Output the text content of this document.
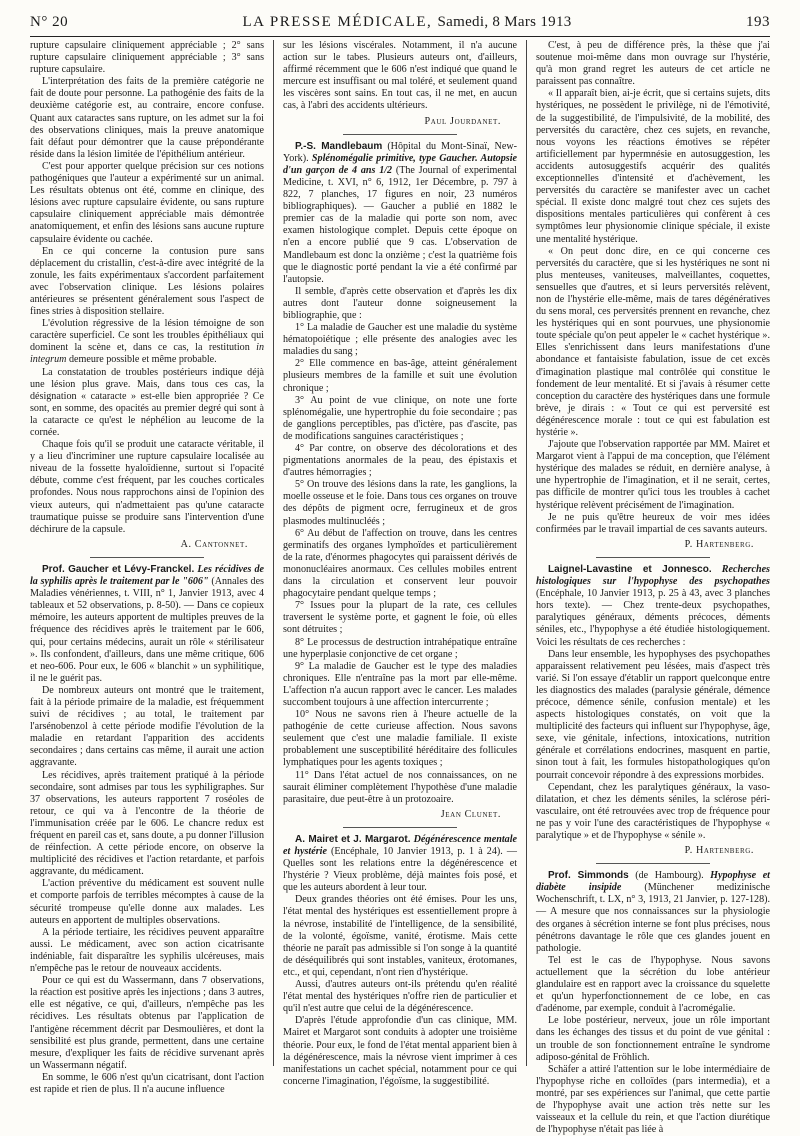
N° 20	LA PRESSE MÉDICALE, Samedi, 8 Mars 1913	193

rupture capsulaire cliniquement appréciable ; 2° sans rupture capsulaire cliniquement appréciable ; 3° sans rupture capsulaire.

L'interprétation des faits de la première catégorie ne fait de doute pour personne. La pathogénie des faits de la deuxième catégorie est, au contraire, encore confuse. Quant aux cataractes sans rupture, on les admet sur la foi des observations cliniques, mais la preuve anatomique fait défaut pour démontrer que la cause prépondérante réside dans la lésion limitée de l'épithélium antérieur.

C'est pour apporter quelque précision sur ces notions pathogéniques que l'auteur a expérimenté sur un animal. Les résultats obtenus ont été, comme en clinique, des lésions avec rupture capsulaire évidente, ou sans rupture capsulaire cliniquement appréciable mais démontrée anatomiquement, et enfin des lésions sans aucune rupture capsulaire évidente ou cachée.

En ce qui concerne la contusion pure sans déplacement du cristallin, c'est-à-dire avec intégrité de la zonule, les faits expérimentaux s'accordent parfaitement avec l'observation clinique. Les lésions polaires antérieures se présentent généralement sous l'aspect de fines stries à disposition stellaire.

L'évolution régressive de la lésion témoigne de son caractère superficiel. Ce sont les troubles épithéliaux qui dominent la scène et, dans ce cas, la restitution in integrum demeure possible et même probable.

La constatation de troubles postérieurs indique déjà une lésion plus grave. Mais, dans tous ces cas, la désignation « cataracte » est-elle bien appropriée ? Ce sont, en somme, des opacités au premier degré qui sont à la cataracte ce qu'est le néphélion au leucome de la cornée.

Chaque fois qu'il se produit une cataracte véritable, il y a lieu d'incriminer une rupture capsulaire localisée au niveau de la fossette hyaloïdienne, surtout si l'opacité débute, comme c'est fréquent, par les couches corticales profondes. Nous nous rapprochons ainsi de l'opinion des vieux auteurs, qui n'admettaient pas qu'une cataracte traumatique puisse se produire sans l'intervention d'une déchirure de la capsule.

A. Cantonnet.

Prof. Gaucher et Lévy-Franckel. Les récidives de la syphilis après le traitement par le "606" (Annales des Maladies vénériennes, t. VIII, n° 1, Janvier 1913, avec 4 tableaux et 52 observations, p. 8-50). — Dans ce copieux mémoire, les auteurs apportent de multiples preuves de la fréquence des récidives après le traitement par le 606, qui, pour certains médecins, aurait un rôle « stérilisateur ». Ils confondent, d'ailleurs, dans une même critique, 606 et neo-606. Pour eux, le 606 « blanchit » un syphilitique, il ne le guérit pas.

De nombreux auteurs ont montré que le traitement, fait à la période primaire de la maladie, est fréquemment suivi de récidives ; au total, le traitement par l'arsénobenzol à cette période modifie l'évolution de la maladie en retardant l'apparition des accidents secondaires ; dans certains cas même, il aurait une action aggravante.

Les récidives, après traitement pratiqué à la période secondaire, sont admises par tous les syphiligraphes. Sur 37 observations, les auteurs rapportent 7 roséoles de retour, ce qui va à l'encontre de la théorie de l'immunisation créée par le 606. Le chancre redux est fréquent en pareil cas et, sans doute, a pu donner l'illusion de réinfection. A cette période encore, on observe la multiplicité des récidives et l'action retardante, et parfois aggravante, du médicament.

L'action préventive du médicament est souvent nulle et comporte parfois de terribles mécomptes à cause de la sécurité trompeuse qu'elle donne aux malades. Les auteurs en apportent de multiples observations.

A la période tertiaire, les récidives peuvent apparaître aussi. Le médicament, avec son action cicatrisante indéniable, fait disparaître les syphilis ulcéreuses, mais n'empêche pas le retour de nouveaux accidents.

Pour ce qui est du Wassermann, dans 7 observations, la réaction est positive après les injections ; dans 3 autres, elle est négative, ce qui, d'ailleurs, n'empêche pas les récidives. Les résultats obtenus par l'application de l'antigène récemment décrit par Desmoulières, et dont la sensibilité est plus grande, permettent, dans une certaine mesure, d'expliquer les faits de récidive survenant après un Wassermann négatif.

En somme, le 606 n'est qu'un cicatrisant, dont l'action est rapide et rien de plus. Il n'a aucune influence

sur les lésions viscérales. Notamment, il n'a aucune action sur le tabes. Plusieurs auteurs ont, d'ailleurs, affirmé récemment que le 606 n'est indiqué que quand le mercure est insuffisant ou mal toléré, et seulement quand les viscères sont sains. En tout cas, il ne met, en aucun cas, à l'abri des accidents ultérieurs.

Paul Jourdanet.

P.-S. Mandlebaum (Hôpital du Mont-Sinaï, New-York). Splénomégalie primitive, type Gaucher. Autopsie d'un garçon de 4 ans 1/2 (The Journal of experimental Medicine, t. XVI, n° 6, 1912, 1er Décembre, p. 797 à 822, 7 planches, 17 figures en noir, 23 numéros bibliographiques). — Gaucher a publié en 1882 le premier cas de la maladie qui porte son nom, avec examen histologique complet. Depuis cette époque on n'en a encore publié que 9 cas. L'observation de Mandlebaum est donc la onzième ; c'est la quatrième fois que le diagnostic porté pendant la vie a été confirmé par l'autopsie.

Il semble, d'après cette observation et d'après les dix autres dont l'auteur donne soigneusement la bibliographie, que :

1° La maladie de Gaucher est une maladie du système hématopoiétique ; elle présente des analogies avec les maladies du sang ;

2° Elle commence en bas-âge, atteint généralement plusieurs membres de la famille et suit une évolution chronique ;

3° Au point de vue clinique, on note une forte splénomégalie, une hypertrophie du foie secondaire ; pas de ganglions perceptibles, pas d'ictère, pas d'ascite, pas de modifications sanguines caractéristiques ;

4° Par contre, on observe des décolorations et des pigmentations anormales de la peau, des épistaxis et d'autres hémorragies ;

5° On trouve des lésions dans la rate, les ganglions, la moelle osseuse et le foie. Dans tous ces organes on trouve des dépôts de pigment ocre, ferrugineux et de gros plasmodes multinucléés ;

6° Au début de l'affection on trouve, dans les centres germinatifs des organes lymphoïdes et particulièrement de la rate, d'énormes phagocytes qui paraissent dérivés de mononucléaires anormaux. Ces cellules mobiles entrent dans la circulation et conservent leur pouvoir phagocytaire pendant quelque temps ;

7° Issues pour la plupart de la rate, ces cellules traversent le système porte, et gagnent le foie, où elles sont détruites ;

8° Le processus de destruction intrahépatique entraîne une hyperplasie conjonctive de cet organe ;

9° La maladie de Gaucher est le type des maladies chroniques. Elle n'entraîne pas la mort par elle-même. L'affection n'a aucun rapport avec le cancer. Les malades succombent toujours à une affection intercurrente ;

10° Nous ne savons rien à l'heure actuelle de la pathogénie de cette curieuse affection. Nous savons seulement que c'est une maladie familiale. Il existe probablement une susceptibilité héréditaire des follicules lymphatiques pour les agents toxiques ;

11° Dans l'état actuel de nos connaissances, on ne saurait éliminer complètement l'hypothèse d'une maladie parasitaire, due peut-être à un protozoaire.

Jean Clunet.

A. Mairet et J. Margarot. Dégénérescence mentale et hystérie (Encéphale, 10 Janvier 1913, p. 1 à 24). — Quelles sont les relations entre la dégénérescence et l'hystérie ? Vieux problème, déjà maintes fois posé, et que les auteurs abordent à leur tour.

Deux grandes théories ont été émises. Pour les uns, l'état mental des hystériques est essentiellement propre à la névrose, instabilité de l'intelligence, de la sensibilité, de la volonté, égoïsme, vanité, érotisme. Mais cette théorie ne paraît pas admissible si l'on songe à la quantité de déséquilibrés qui sont instables, vaniteux, érotomanes, etc., et qui, cependant, n'ont rien d'hystérique.

Aussi, d'autres auteurs ont-ils prétendu qu'en réalité l'état mental des hystériques n'offre rien de particulier et qu'il n'est autre que celui de la dégénérescence.

D'après l'étude approfondie d'un cas clinique, MM. Mairet et Margarot sont conduits à adopter une troisième théorie. Pour eux, le fond de l'état mental apparient bien à la dégénérescence, mais la névrose vient imprimer à ces manifestations un cachet spécial, notamment pour ce qui concerne l'imagination, l'égoïsme, la suggestibilité.

C'est, à peu de différence près, la thèse que j'ai soutenue moi-même dans mon ouvrage sur l'hystérie, qu'à mon grand regret les auteurs de cet article ne paraissent pas connaître.

« Il apparaît bien, ai-je écrit, que si certains sujets, dits hystériques, ne possèdent le privilège, ni de l'émotivité, de la suggestibilité, de l'impulsivité, de la mobilité, des perversités du caractère, chez ces sujets, en revanche, nous voyons les réactions émotives se répéter artificiellement par hypermnésie en autosuggestion, les accidents autosuggestifs acquérir des qualités exceptionnelles d'intensité et d'achèvement, les perversités du caractère se manifester avec un cachet spécial. Il existe donc malgré tout chez ces sujets des dispositions mentales particulières qui confèrent à ces symptômes leur physionomie clinique spéciale, il existe une mentalité hystérique.

« On peut donc dire, en ce qui concerne ces perversités du caractère, que si les hystériques ne sont ni plus menteuses, vaniteuses, malveillantes, coquettes, sensuelles que d'autres, et si leurs perversités relèvent, non de l'hystérie elle-même, mais de tares dégénératives du sens moral, ces perversités prennent en revanche, chez les hystériques qui en sont pourvues, une physionomie toute spéciale qu'on peut appeler le « cachet hystérique ». Elles s'enrichissent dans leurs manifestations d'une abondance et fantaisiste fabulation, issue de cet excès d'imagination plastique mal contrôlée qui constitue le fondement de leur mentalité. Et si j'avais à résumer cette conception du caractère des hystériques dans une formule brève, je dirais : « Tout ce qui est perversité est dégénérescence morale : tout ce qui est fabulation est hystérie ».

J'ajoute que l'observation rapportée par MM. Mairet et Margarot vient à l'appui de ma conception, que l'élément hystérique des malades se réduit, en dernière analyse, à une hypertrophie de l'imagination, et il ne serait, certes, pas difficile de montrer qu'ici tous les troubles à cachet hystérique relèvent précisément de l'imagination.

Je ne puis qu'être heureux de voir mes idées confirmées par le travail impartial de ces savants auteurs.

P. Hartenberg.

Laignel-Lavastine et Jonnesco. Recherches histologiques sur l'hypophyse des psychopathes (Encéphale, 10 Janvier 1913, p. 25 à 43, avec 3 planches hors texte). — Chez trente-deux psychopathes, paralytiques généraux, déments précoces, déments séniles, etc., l'hypophyse a été étudiée histologiquement. Voici les résultats de ces recherches :

Dans leur ensemble, les hypophyses des psychopathes apparaissent relativement peu lésées, mais d'aspect très varié. Si l'on essaye d'établir un rapport quelconque entre les diagnostics des malades (paralysie générale, démence précoce, démence sénile, confusion mentale) et les aspects histologiques constatés, on voit que la multiplicité des facteurs qui influent sur l'hypophyse, âge, sexe, vie génitale, infections, intoxications, nutrition générale et corrélations endocrines, masquent en partie, sinon tout à fait, les formules histopathologiques qu'on pourrait concevoir répondre à des expressions morbides.

Cependant, chez les paralytiques généraux, la vaso-dilatation, et chez les déments séniles, la sclérose péri-vasculaire, ont été retrouvées avec trop de fréquence pour ne pas y voir l'une des caractéristiques de l'hypophyse « paralytique » et de l'hypophyse « sénile ».

P. Hartenberg.

Prof. Simmonds (de Hambourg). Hypophyse et diabète insipide (Münchener medizinische Wochenschrift, t. LX, n° 3, 1913, 21 Janvier, p. 127-128). — A mesure que nos connaissances sur la physiologie des organes à sécrétion interne se font plus précises, nous pénétrons davantage le rôle que ces glandes jouent en pathologie.

Tel est le cas de l'hypophyse. Nous savons actuellement que la sécrétion du lobe antérieur glandulaire est en rapport avec la croissance du squelette et qu'un hyperfonctionnement de ce lobe, en cas d'adénome, par exemple, conduit à l'acromégalie.

Le lobe postérieur, nerveux, joue un rôle important dans les échanges des tissus et du point de vue génital : un trouble de son fonctionnement entraîne le syndrome adiposo-génital de Fröhlich.

Schäfer a attiré l'attention sur le lobe intermédiaire de l'hypophyse riche en colloïdes (pars intermedia), et a montré, par ses expériences sur l'animal, que cette partie de l'hypophyse avait une action très nette sur les vaisseaux et la cellule du rein, et que l'action diurétique de l'hypophyse n'était pas liée à
